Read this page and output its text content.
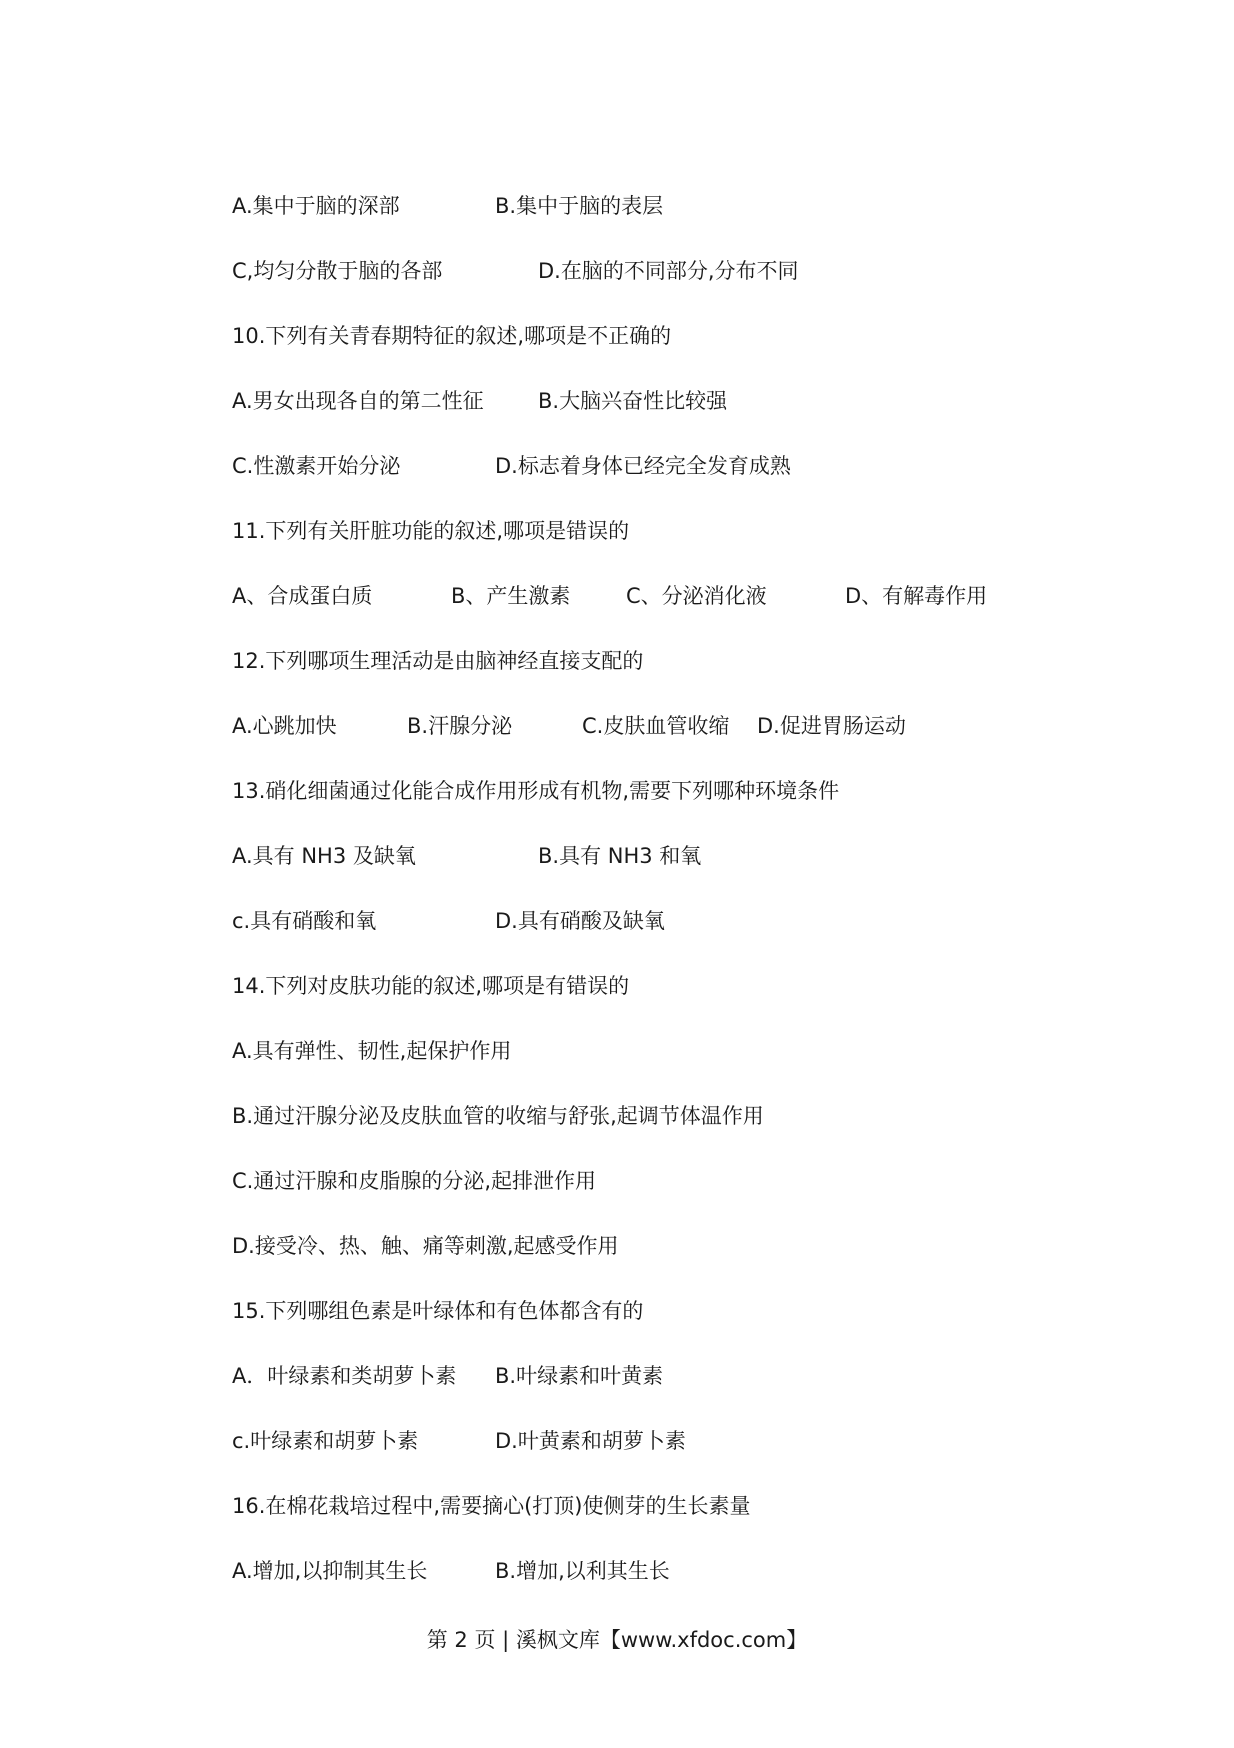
A.集中于脑的深部	B.集中于脑的表层
C,均匀分散于脑的各部	D.在脑的不同部分,分布不同
10.下列有关青春期特征的叙述,哪项是不正确的
A.男女出现各自的第二性征	B.大脑兴奋性比较强
C.性激素开始分泌	D.标志着身体已经完全发育成熟
11.下列有关肝脏功能的叙述,哪项是错误的
A、合成蛋白质	B、产生激素	C、分泌消化液	D、有解毒作用
12.下列哪项生理活动是由脑神经直接支配的
A.心跳加快	B.汗腺分泌	C.皮肤血管收缩 D.促进胃肠运动
13.硝化细菌通过化能合成作用形成有机物,需要下列哪种环境条件
A.具有 NH3 及缺氧	B.具有 NH3 和氧
c.具有硝酸和氧	D.具有硝酸及缺氧
14.下列对皮肤功能的叙述,哪项是有错误的
A.具有弹性、韧性,起保护作用
B.通过汗腺分泌及皮肤血管的收缩与舒张,起调节体温作用
C.通过汗腺和皮脂腺的分泌,起排泄作用
D.接受冷、热、触、痛等刺激,起感受作用
15.下列哪组色素是叶绿体和有色体都含有的
A．叶绿素和类胡萝卜素 B.叶绿素和叶黄素
c.叶绿素和胡萝卜素	D.叶黄素和胡萝卜素
16.在棉花栽培过程中,需要摘心(打顶)使侧芽的生长素量
A.增加,以抑制其生长	B.增加,以利其生长
第 2 页 | 溪枫文库【www.xfdoc.com】
